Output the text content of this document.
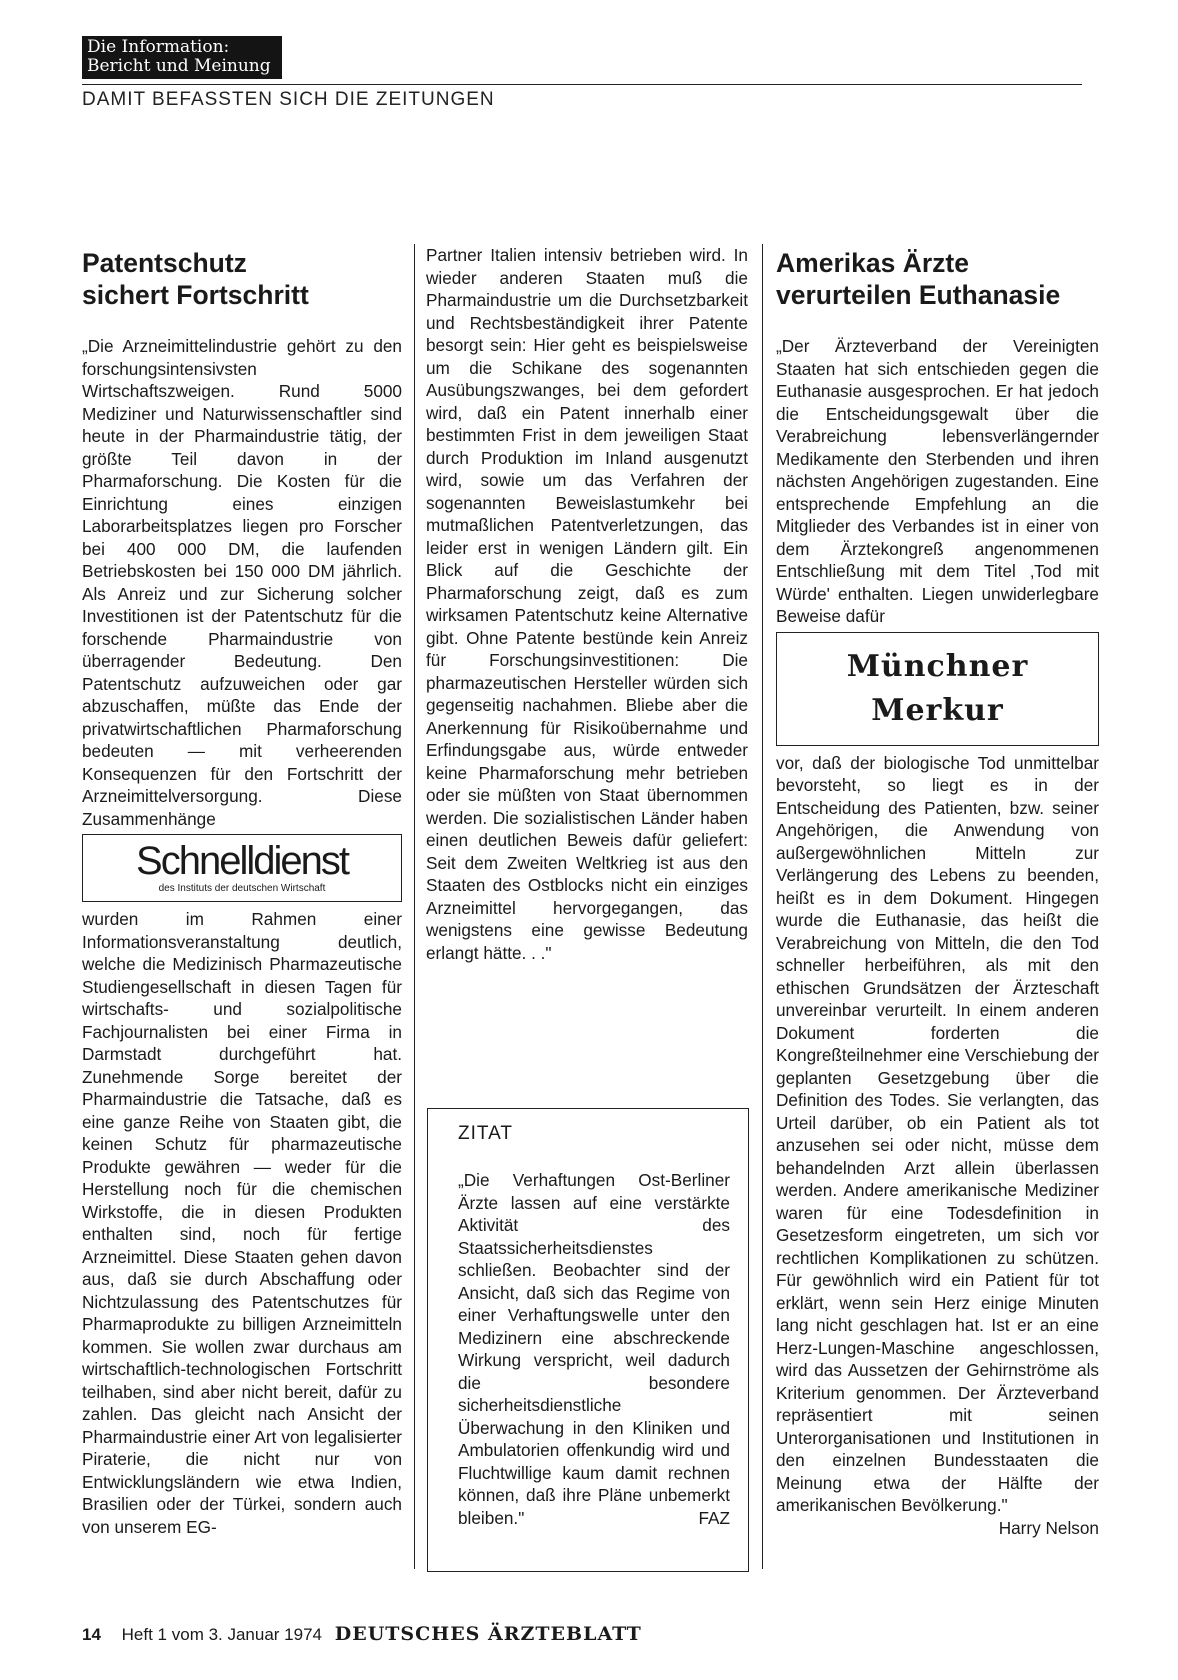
Die Information:
Bericht und Meinung
DAMIT BEFASSTEN SICH DIE ZEITUNGEN
Patentschutz
sichert Fortschritt

„Die Arzneimittelindustrie gehört zu den forschungsintensivsten Wirtschaftszweigen. Rund 5000 Mediziner und Naturwissenschaftler sind heute in der Pharmaindustrie tätig, der größte Teil davon in der Pharmaforschung. Die Kosten für die Einrichtung eines einzigen Laborarbeitsplatzes liegen pro Forscher bei 400 000 DM, die laufenden Betriebskosten bei 150 000 DM jährlich. Als Anreiz und zur Sicherung solcher Investitionen ist der Patentschutz für die forschende Pharmaindustrie von überragender Bedeutung. Den Patentschutz aufzuweichen oder gar abzuschaffen, müßte das Ende der privatwirtschaftlichen Pharmaforschung bedeuten — mit verheerenden Konsequenzen für den Fortschritt der Arzneimittelversorgung. Diese Zusammenhänge

Schnelldienst
des Instituts der deutschen Wirtschaft

wurden im Rahmen einer Informationsveranstaltung deutlich, welche die Medizinisch Pharmazeutische Studiengesellschaft in diesen Tagen für wirtschafts- und sozialpolitische Fachjournalisten bei einer Firma in Darmstadt durchgeführt hat. Zunehmende Sorge bereitet der Pharmaindustrie die Tatsache, daß es eine ganze Reihe von Staaten gibt, die keinen Schutz für pharmazeutische Produkte gewähren — weder für die Herstellung noch für die chemischen Wirkstoffe, die in diesen Produkten enthalten sind, noch für fertige Arzneimittel. Diese Staaten gehen davon aus, daß sie durch Abschaffung oder Nichtzulassung des Patentschutzes für Pharmaprodukte zu billigen Arzneimitteln kommen. Sie wollen zwar durchaus am wirtschaftlich-technologischen Fortschritt teilhaben, sind aber nicht bereit, dafür zu zahlen. Das gleicht nach Ansicht der Pharmaindustrie einer Art von legalisierter Piraterie, die nicht nur von Entwicklungsländern wie etwa Indien, Brasilien oder der Türkei, sondern auch von unserem EG-

Partner Italien intensiv betrieben wird. In wieder anderen Staaten muß die Pharmaindustrie um die Durchsetzbarkeit und Rechtsbeständigkeit ihrer Patente besorgt sein: Hier geht es beispielsweise um die Schikane des sogenannten Ausübungszwanges, bei dem gefordert wird, daß ein Patent innerhalb einer bestimmten Frist in dem jeweiligen Staat durch Produktion im Inland ausgenutzt wird, sowie um das Verfahren der sogenannten Beweislastumkehr bei mutmaßlichen Patentverletzungen, das leider erst in wenigen Ländern gilt. Ein Blick auf die Geschichte der Pharmaforschung zeigt, daß es zum wirksamen Patentschutz keine Alternative gibt. Ohne Patente bestünde kein Anreiz für Forschungsinvestitionen: Die pharmazeutischen Hersteller würden sich gegenseitig nachahmen. Bliebe aber die Anerkennung für Risikoübernahme und Erfindungsgabe aus, würde entweder keine Pharmaforschung mehr betrieben oder sie müßten von Staat übernommen werden. Die sozialistischen Länder haben einen deutlichen Beweis dafür geliefert: Seit dem Zweiten Weltkrieg ist aus den Staaten des Ostblocks nicht ein einziges Arzneimittel hervorgegangen, das wenigstens eine gewisse Bedeutung erlangt hätte. . ."

ZITAT
„Die Verhaftungen Ost-Berliner Ärzte lassen auf eine verstärkte Aktivität des Staatssicherheitsdienstes schließen. Beobachter sind der Ansicht, daß sich das Regime von einer Verhaftungswelle unter den Medizinern eine abschreckende Wirkung verspricht, weil dadurch die besondere sicherheitsdienstliche Überwachung in den Kliniken und Ambulatorien offenkundig wird und Fluchtwillige kaum damit rechnen können, daß ihre Pläne unbemerkt bleiben."	FAZ
Amerikas Ärzte
verurteilen Euthanasie

„Der Ärzteverband der Vereinigten Staaten hat sich entschieden gegen die Euthanasie ausgesprochen. Er hat jedoch die Entscheidungsgewalt über die Verabreichung lebensverlängernder Medikamente den Sterbenden und ihren nächsten Angehörigen zugestanden. Eine entsprechende Empfehlung an die Mitglieder des Verbandes ist in einer von dem Ärztekongreß angenommenen Entschließung mit dem Titel ‚Tod mit Würde' enthalten. Liegen unwiderlegbare Beweise dafür

Münchner Merkur

vor, daß der biologische Tod unmittelbar bevorsteht, so liegt es in der Entscheidung des Patienten, bzw. seiner Angehörigen, die Anwendung von außergewöhnlichen Mitteln zur Verlängerung des Lebens zu beenden, heißt es in dem Dokument. Hingegen wurde die Euthanasie, das heißt die Verabreichung von Mitteln, die den Tod schneller herbeiführen, als mit den ethischen Grundsätzen der Ärzteschaft unvereinbar verurteilt. In einem anderen Dokument forderten die Kongreßteilnehmer eine Verschiebung der geplanten Gesetzgebung über die Definition des Todes. Sie verlangten, das Urteil darüber, ob ein Patient als tot anzusehen sei oder nicht, müsse dem behandelnden Arzt allein überlassen werden. Andere amerikanische Mediziner waren für eine Todesdefinition in Gesetzesform eingetreten, um sich vor rechtlichen Komplikationen zu schützen. Für gewöhnlich wird ein Patient für tot erklärt, wenn sein Herz einige Minuten lang nicht geschlagen hat. Ist er an eine Herz-Lungen-Maschine angeschlossen, wird das Aussetzen der Gehirnströme als Kriterium genommen. Der Ärzteverband repräsentiert mit seinen Unterorganisationen und Institutionen in den einzelnen Bundesstaaten die Meinung etwa der Hälfte der amerikanischen Bevölkerung."

Harry Nelson

14 Heft 1 vom 3. Januar 1974 DEUTSCHES ÄRZTEBLATT
